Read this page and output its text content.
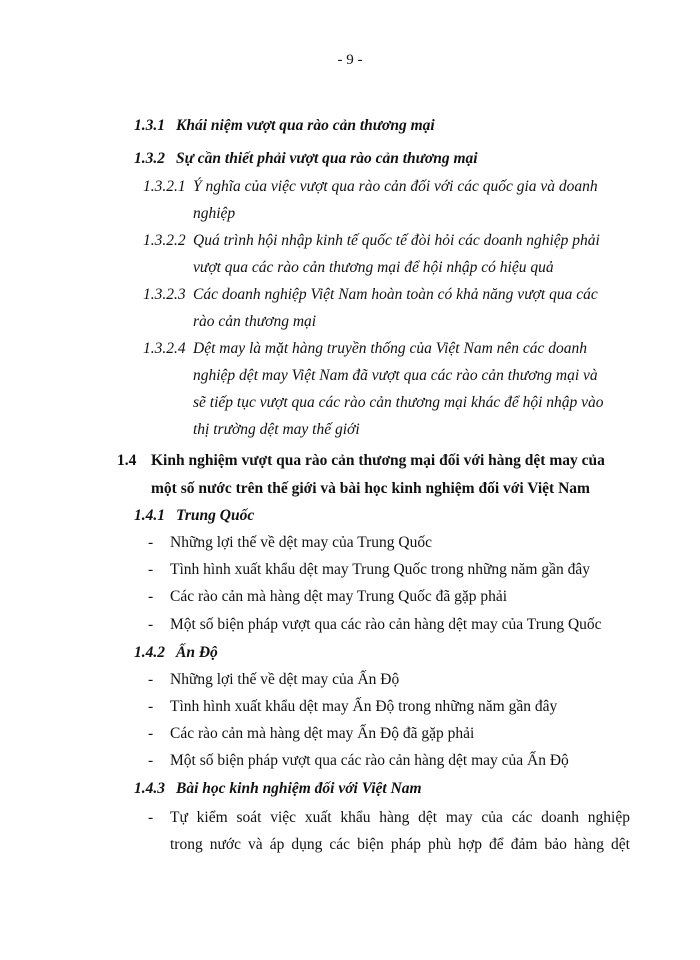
- 9 -
1.3.1 Khái niệm vượt qua rào cản thương mại
1.3.2 Sự cần thiết phải vượt qua rào cản thương mại
1.3.2.1 Ý nghĩa của việc vượt qua rào cản đối với các quốc gia và doanh
nghiệp
1.3.2.2 Quá trình hội nhập kinh tế quốc tế đòi hỏi các doanh nghiệp phải
vượt qua các rào cản thương mại để hội nhập có hiệu quả
1.3.2.3 Các doanh nghiệp Việt Nam hoàn toàn có khả năng vượt qua các
rào cản thương mại
1.3.2.4 Dệt may là mặt hàng truyền thống của Việt Nam nên các doanh
nghiệp dệt may Việt Nam đã vượt qua các rào cản thương mại và
sẽ tiếp tục vượt qua các rào cản thương mại khác để hội nhập vào
thị trường dệt may thế giới
1.4 Kinh nghiệm vượt qua rào cản thương mại đối với hàng dệt may của
một số nước trên thế giới và bài học kinh nghiệm đối với Việt Nam
1.4.1 Trung Quốc
- Những lợi thế về dệt may của Trung Quốc
- Tình hình xuất khẩu dệt may Trung Quốc trong những năm gần đây
- Các rào cản mà hàng dệt may Trung Quốc đã gặp phải
- Một số biện pháp vượt qua các rào cản hàng dệt may của Trung Quốc
1.4.2 Ấn Độ
- Những lợi thế về dệt may của Ấn Độ
- Tình hình xuất khẩu dệt may Ấn Độ trong những năm gần đây
- Các rào cản mà hàng dệt may Ấn Độ đã gặp phải
- Một số biện pháp vượt qua các rào cản hàng dệt may của Ấn Độ
1.4.3 Bài học kinh nghiệm đối với Việt Nam
- Tự kiểm soát việc xuất khẩu hàng dệt may của các doanh nghiệp
trong nước và áp dụng các biện pháp phù hợp để đảm bảo hàng dệt
